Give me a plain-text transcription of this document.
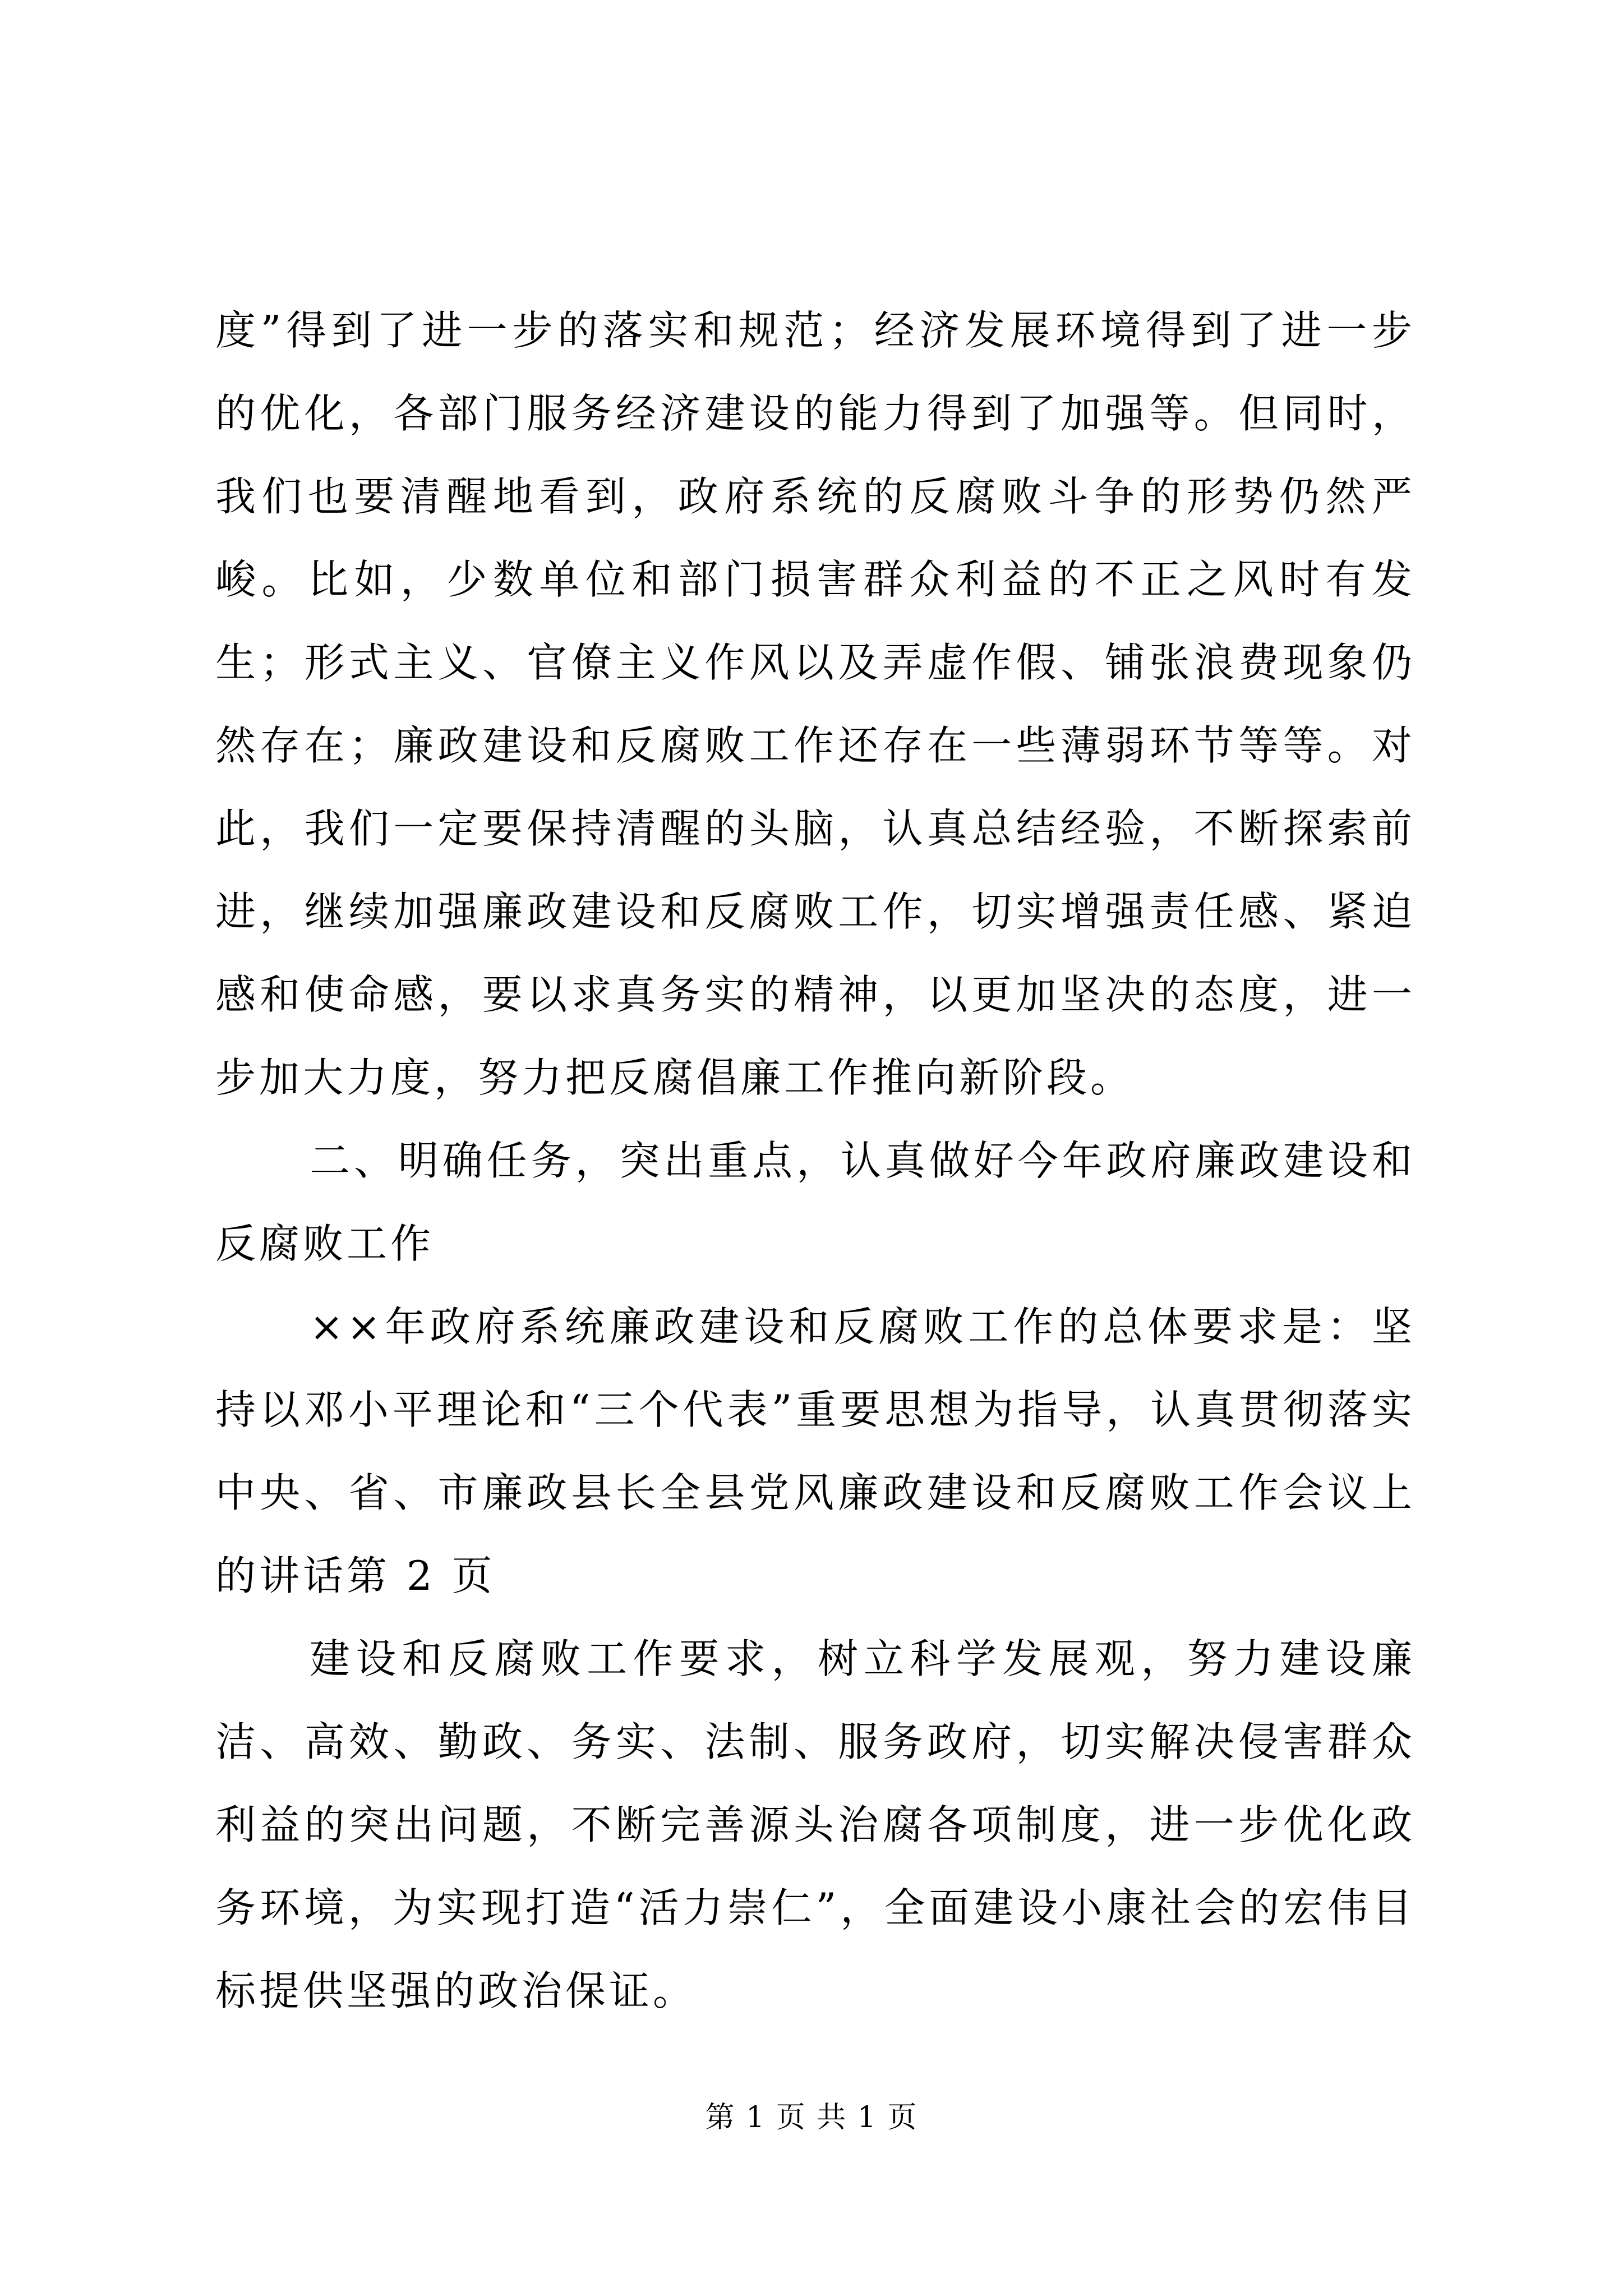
度”得到了进一步的落实和规范；经济发展环境得到了进一步的优化，各部门服务经济建设的能力得到了加强等。但同时，我们也要清醒地看到，政府系统的反腐败斗争的形势仍然严峻。比如，少数单位和部门损害群众利益的不正之风时有发生；形式主义、官僚主义作风以及弄虚作假、铺张浪费现象仍然存在；廉政建设和反腐败工作还存在一些薄弱环节等等。对此，我们一定要保持清醒的头脑，认真总结经验，不断探索前进，继续加强廉政建设和反腐败工作，切实增强责任感、紧迫感和使命感，要以求真务实的精神，以更加坚决的态度，进一步加大力度，努力把反腐倡廉工作推向新阶段。

二、明确任务，突出重点，认真做好今年政府廉政建设和反腐败工作

××年政府系统廉政建设和反腐败工作的总体要求是：坚持以邓小平理论和“三个代表”重要思想为指导，认真贯彻落实中央、省、市廉政县长全县党风廉政建设和反腐败工作会议上的讲话第 2 页

建设和反腐败工作要求，树立科学发展观，努力建设廉洁、高效、勤政、务实、法制、服务政府，切实解决侵害群众利益的突出问题，不断完善源头治腐各项制度，进一步优化政务环境，为实现打造“活力崇仁”，全面建设小康社会的宏伟目标提供坚强的政治保证。

第 1 页 共 1 页
